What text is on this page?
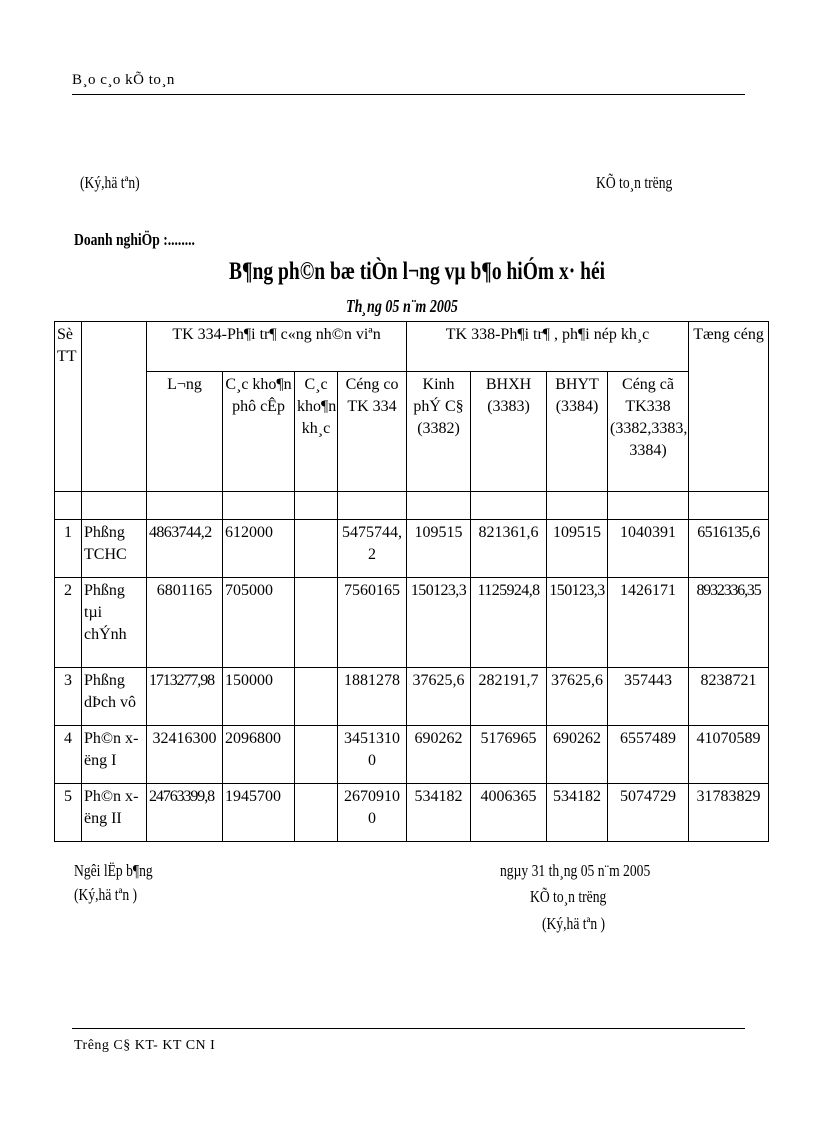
B¸o c¸o kÕ to¸n
(Ký,hä tªn)	KÕ to¸n trëng
Doanh nghiÖp :........
B¶ng ph©n bæ tiÒn l¬ng vµ b¶o hiÓm x· héi
Th¸ng 05 n¨m 2005
Sè TT		TK 334-Ph¶i tr¶ c«ng nh©n viªn				TK 338-Ph¶i tr¶ , ph¶i nép kh¸c				Tæng céng
		L¬ng	C¸c kho¶n phô cÊp	C¸c kho¶n kh¸c	Céng co TK 334	Kinh phÝ C§ (3382)	BHXH (3383)	BHYT (3384)	Céng cã TK338 (3382,3383, 3384)	

1	Phßng TCHC	4863744,2	612000		5475744, 2	109515	821361,6	109515	1040391	6516135,6
2	Phßng tµi chÝnh	6801165	705000		7560165	150123,3	1125924,8	150123,3	1426171	8932336,35
3	Phßng dÞch vô	1713277,98	150000		1881278	37625,6	282191,7	37625,6	357443	8238721
4	Ph©n xëng I	32416300	2096800		3451310 0	690262	5176965	690262	6557489	41070589
5	Ph©n xëng II	24763399,8	1945700		2670910 0	534182	4006365	534182	5074729	31783829
Ngêi lËp b¶ng
(Ký,hä tªn )
ngµy 31 th¸ng 05 n¨m 2005
KÕ to¸n trëng
(Ký,hä tªn )
Trêng C§ KT- KT CN I
